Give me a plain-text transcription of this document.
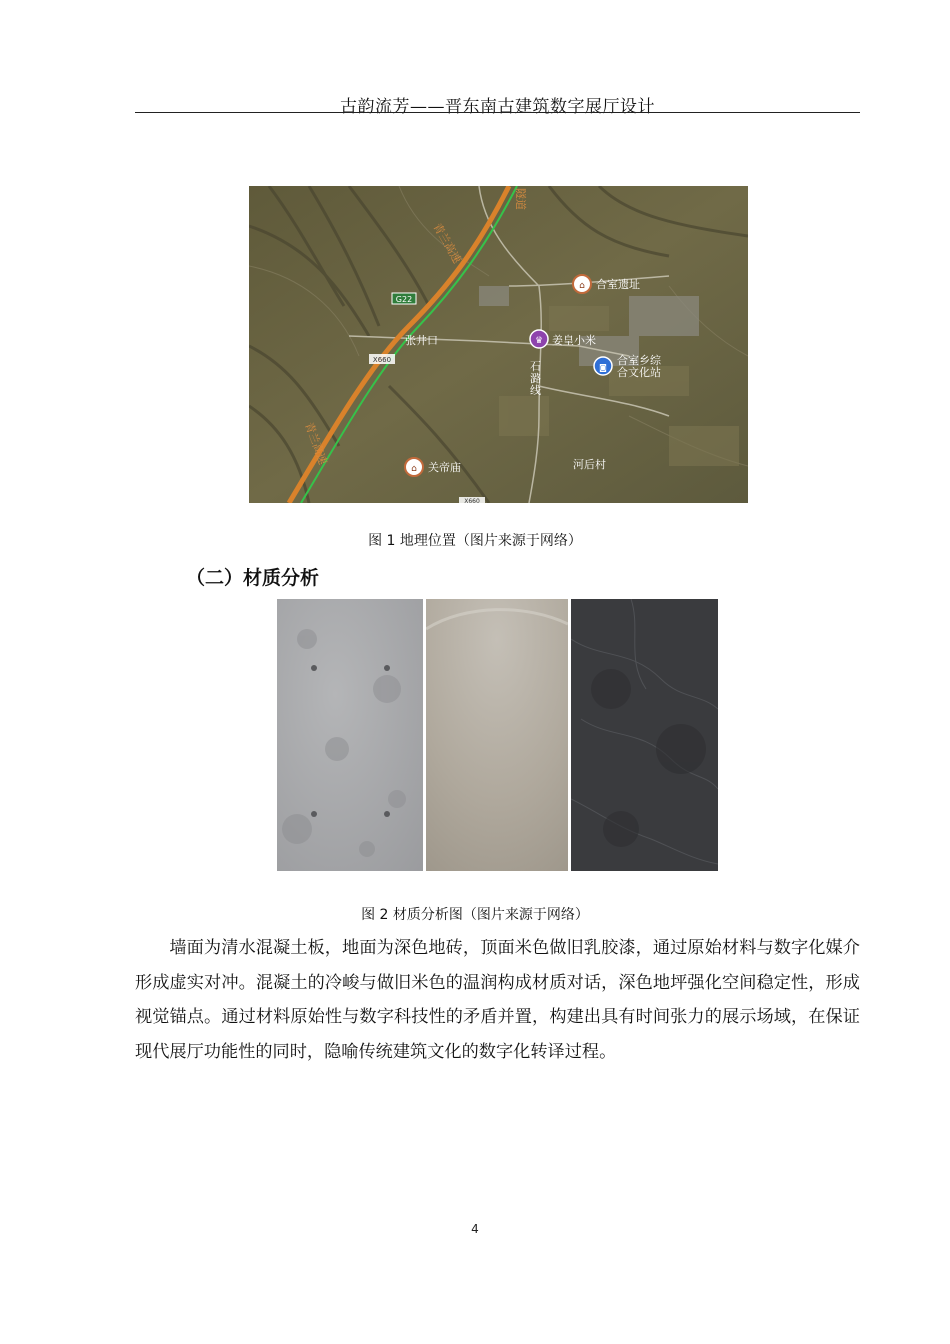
古韵流芳——晋东南古建筑数字展厅设计
G22
X660
X660
青兰高速
青兰高速
隧道
⌂ 合室遗址
张井口	♛ 姜皇小米
◙
合室乡综
合文化站
石
潞
线
⌂ 关帝庙	河后村
图 1 地理位置（图片来源于网络）
（二）材质分析
图 2 材质分析图（图片来源于网络）

墙面为清水混凝土板，地面为深色地砖，顶面米色做旧乳胶漆，通过原始材料与数字化媒介形成虚实对冲。混凝土的冷峻与做旧米色的温润构成材质对话，深色地坪强化空间稳定性，形成视觉锚点。通过材料原始性与数字科技性的矛盾并置，构建出具有时间张力的展示场域，在保证现代展厅功能性的同时，隐喻传统建筑文化的数字化转译过程。

4
